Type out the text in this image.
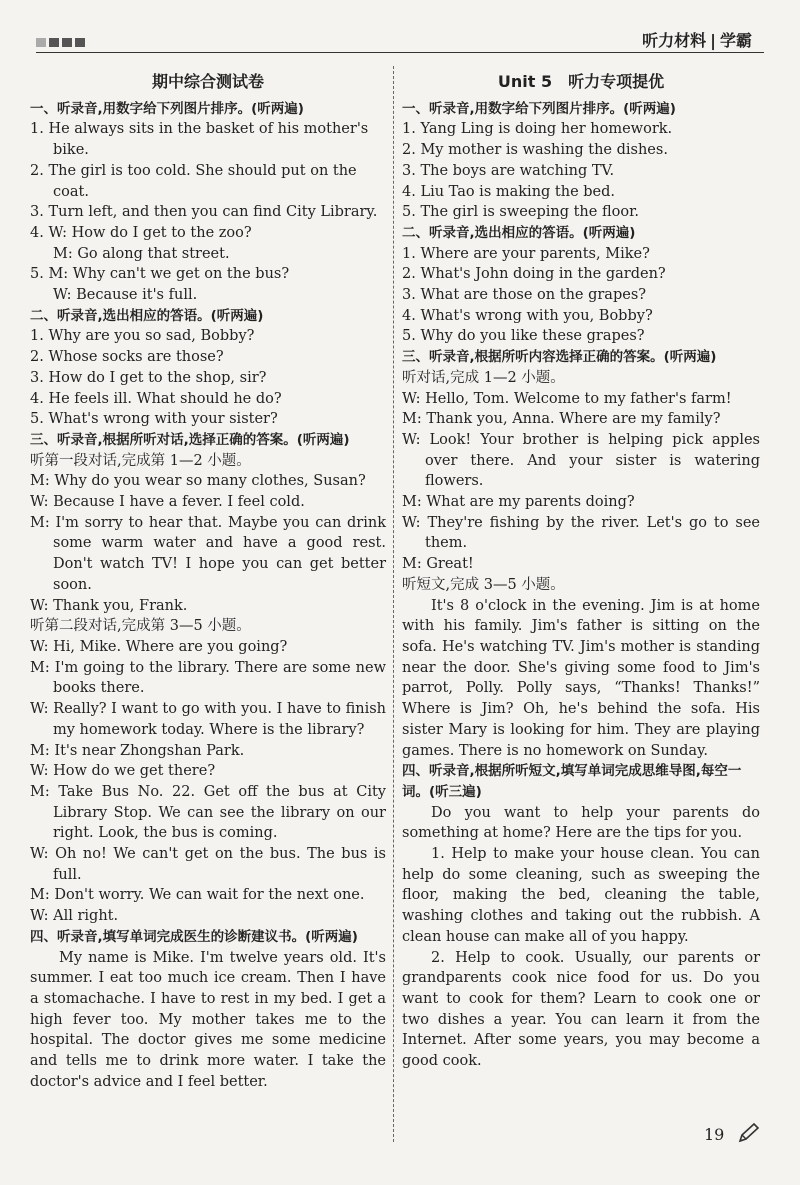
听力材料 | 学霸
期中综合测试卷
一、听录音,用数字给下列图片排序。(听两遍)

1. He always sits in the basket of his mother's bike.

2. The girl is too cold. She should put on the coat.

3. Turn left, and then you can find City Library.

4. W: How do I get to the zoo?

M: Go along that street.

5. M: Why can't we get on the bus?

W: Because it's full.

二、听录音,选出相应的答语。(听两遍)

1. Why are you so sad, Bobby?

2. Whose socks are those?

3. How do I get to the shop, sir?

4. He feels ill. What should he do?

5. What's wrong with your sister?

三、听录音,根据所听对话,选择正确的答案。(听两遍)

听第一段对话,完成第 1—2 小题。

M: Why do you wear so many clothes, Susan?

W: Because I have a fever. I feel cold.

M: I'm sorry to hear that. Maybe you can drink some warm water and have a good rest. Don't watch TV! I hope you can get better soon.

W: Thank you, Frank.

听第二段对话,完成第 3—5 小题。

W: Hi, Mike. Where are you going?

M: I'm going to the library. There are some new books there.

W: Really? I want to go with you. I have to finish my homework today. Where is the library?

M: It's near Zhongshan Park.

W: How do we get there?

M: Take Bus No. 22. Get off the bus at City Library Stop. We can see the library on our right. Look, the bus is coming.

W: Oh no! We can't get on the bus. The bus is full.

M: Don't worry. We can wait for the next one.

W: All right.

四、听录音,填写单词完成医生的诊断建议书。(听两遍)

My name is Mike. I'm twelve years old. It's summer. I eat too much ice cream. Then I have a stomachache. I have to rest in my bed. I get a high fever too. My mother takes me to the hospital. The doctor gives me some medicine and tells me to drink more water. I take the doctor's advice and I feel better.

Unit 5　听力专项提优
一、听录音,用数字给下列图片排序。(听两遍)

1. Yang Ling is doing her homework.

2. My mother is washing the dishes.

3. The boys are watching TV.

4. Liu Tao is making the bed.

5. The girl is sweeping the floor.

二、听录音,选出相应的答语。(听两遍)

1. Where are your parents, Mike?

2. What's John doing in the garden?

3. What are those on the grapes?

4. What's wrong with you, Bobby?

5. Why do you like these grapes?

三、听录音,根据所听内容选择正确的答案。(听两遍)

听对话,完成 1—2 小题。

W: Hello, Tom. Welcome to my father's farm!

M: Thank you, Anna. Where are my family?

W: Look! Your brother is helping pick apples over there. And your sister is watering flowers.

M: What are my parents doing?

W: They're fishing by the river. Let's go to see them.

M: Great!

听短文,完成 3—5 小题。

It's 8 o'clock in the evening. Jim is at home with his family. Jim's father is sitting on the sofa. He's watching TV. Jim's mother is standing near the door. She's giving some food to Jim's parrot, Polly. Polly says, “Thanks! Thanks!” Where is Jim? Oh, he's behind the sofa. His sister Mary is looking for him. They are playing games. There is no homework on Sunday.

四、听录音,根据所听短文,填写单词完成思维导图,每空一词。(听三遍)

Do you want to help your parents do something at home? Here are the tips for you.

1. Help to make your house clean. You can help do some cleaning, such as sweeping the floor, making the bed, cleaning the table, washing clothes and taking out the rubbish. A clean house can make all of you happy.

2. Help to cook. Usually, our parents or grandparents cook nice food for us. Do you want to cook for them? Learn to cook one or two dishes a year. You can learn it from the Internet. After some years, you may become a good cook.

19
